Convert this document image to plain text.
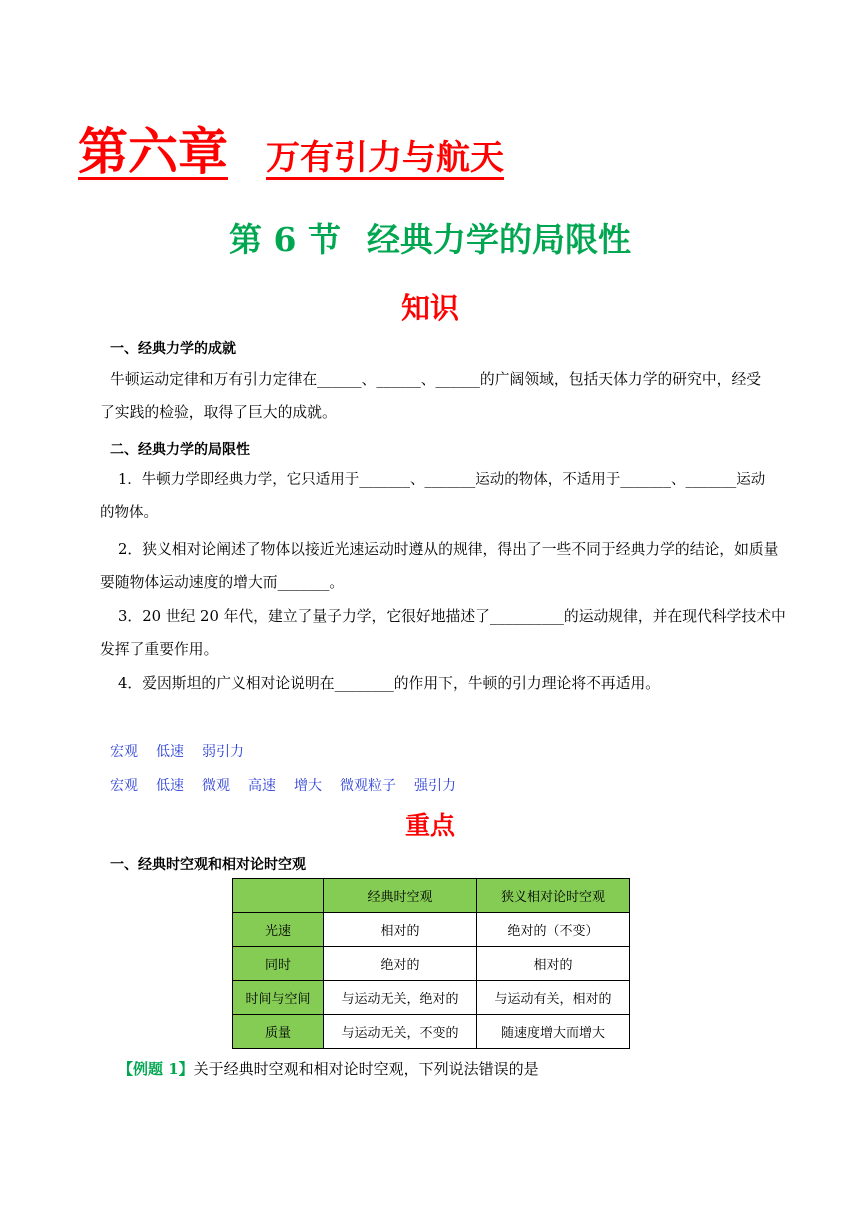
第六章 万有引力与航天
第 6 节 经典力学的局限性
知识
一、经典力学的成就
牛顿运动定律和万有引力定律在______、______、______的广阔领域，包括天体力学的研究中，经受
了实践的检验，取得了巨大的成就。
二、经典力学的局限性
1．牛顿力学即经典力学，它只适用于_______、_______运动的物体，不适用于_______、_______运动
的物体。
2．狭义相对论阐述了物体以接近光速运动时遵从的规律，得出了一些不同于经典力学的结论，如质量
要随物体运动速度的增大而_______。
3．20 世纪 20 年代，建立了量子力学，它很好地描述了__________的运动规律，并在现代科学技术中
发挥了重要作用。
4．爱因斯坦的广义相对论说明在________的作用下，牛顿的引力理论将不再适用。
宏观 低速 弱引力
宏观 低速 微观 高速 增大 微观粒子 强引力
重点
一、经典时空观和相对论时空观
	经典时空观	狭义相对论时空观
光速	相对的	绝对的（不变）
同时	绝对的	相对的
时间与空间	与运动无关，绝对的	与运动有关，相对的
质量	与运动无关，不变的	随速度增大而增大
【例题 1】关于经典时空观和相对论时空观，下列说法错误的是
